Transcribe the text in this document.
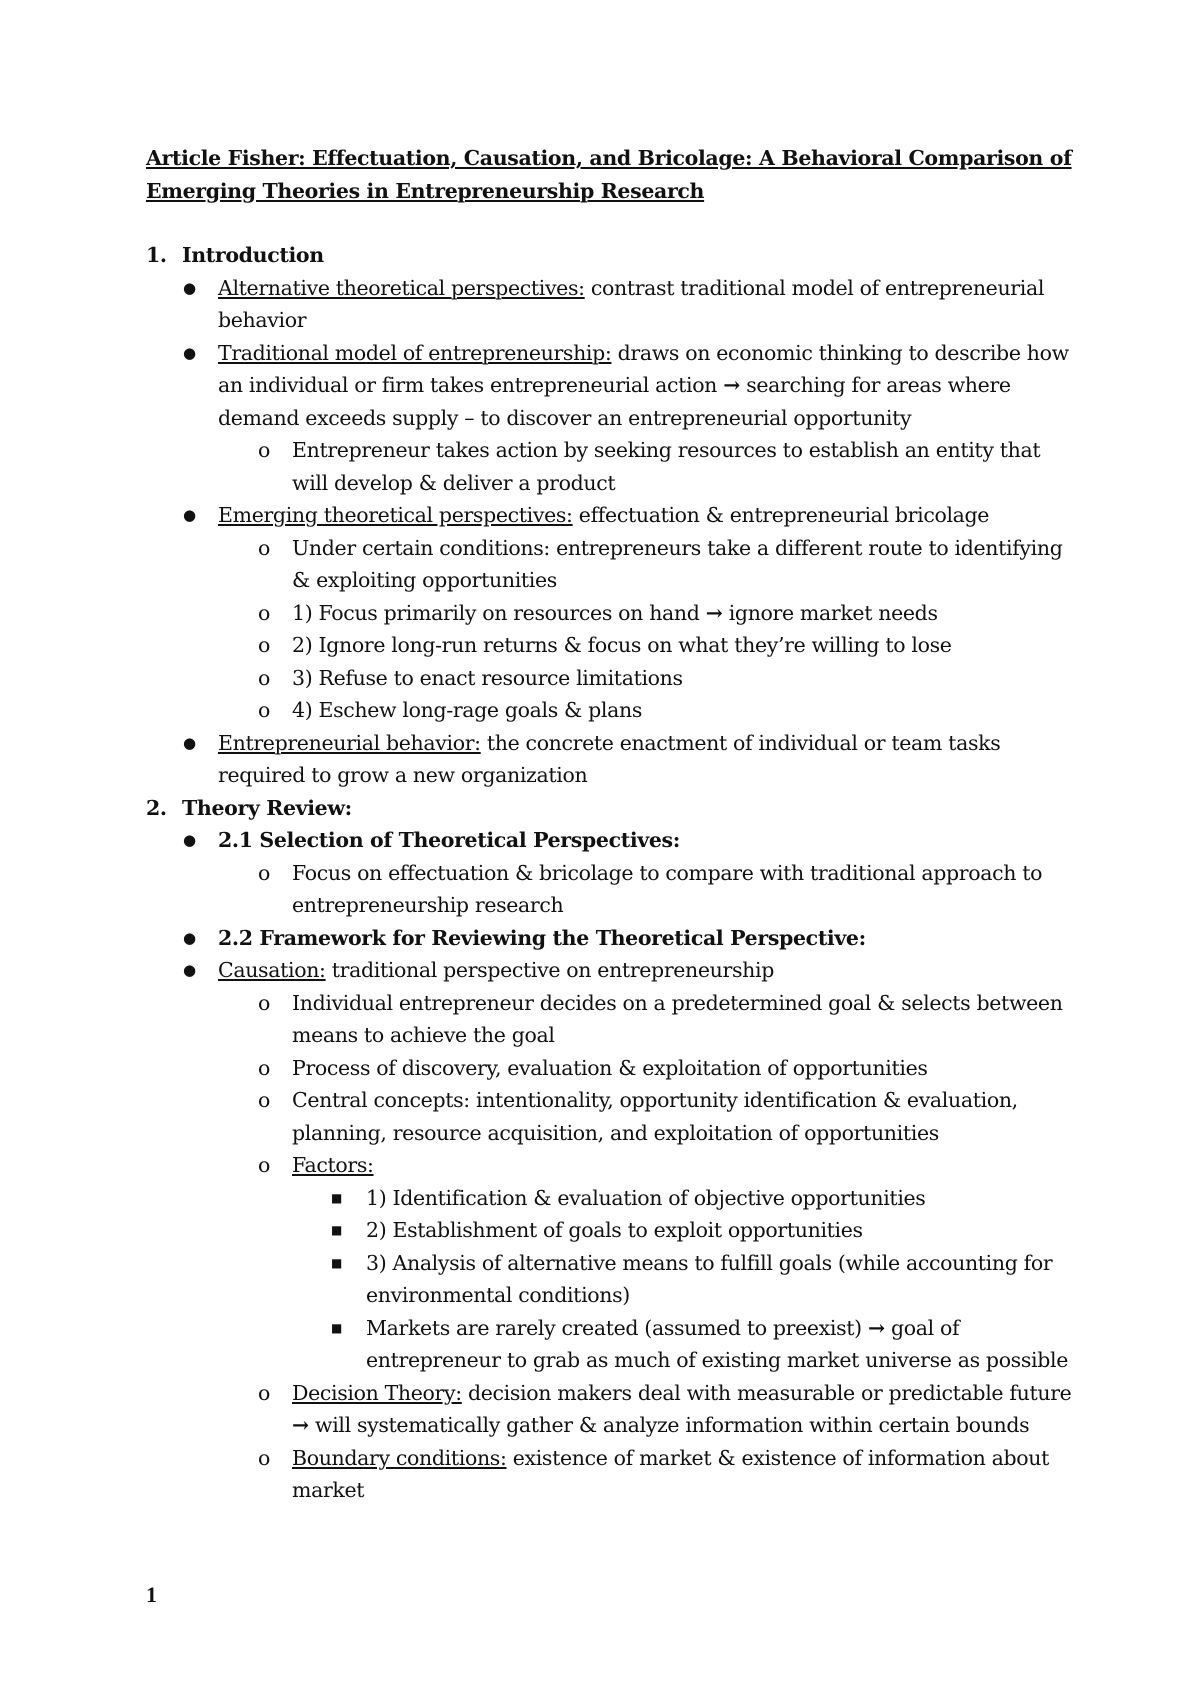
Article Fisher: Effectuation, Causation, and Bricolage: A Behavioral Comparison of Emerging Theories in Entrepreneurship Research
1. Introduction
● Alternative theoretical perspectives: contrast traditional model of entrepreneurial behavior
● Traditional model of entrepreneurship: draws on economic thinking to describe how an individual or firm takes entrepreneurial action → searching for areas where demand exceeds supply – to discover an entrepreneurial opportunity
o Entrepreneur takes action by seeking resources to establish an entity that will develop & deliver a product
● Emerging theoretical perspectives: effectuation & entrepreneurial bricolage
o Under certain conditions: entrepreneurs take a different route to identifying & exploiting opportunities
o 1) Focus primarily on resources on hand → ignore market needs
o 2) Ignore long-run returns & focus on what they’re willing to lose
o 3) Refuse to enact resource limitations
o 4) Eschew long-rage goals & plans
● Entrepreneurial behavior: the concrete enactment of individual or team tasks required to grow a new organization
2. Theory Review:
● 2.1 Selection of Theoretical Perspectives:
o Focus on effectuation & bricolage to compare with traditional approach to entrepreneurship research
● 2.2 Framework for Reviewing the Theoretical Perspective:
● Causation: traditional perspective on entrepreneurship
o Individual entrepreneur decides on a predetermined goal & selects between means to achieve the goal
o Process of discovery, evaluation & exploitation of opportunities
o Central concepts: intentionality, opportunity identification & evaluation, planning, resource acquisition, and exploitation of opportunities
o Factors:
■ 1) Identification & evaluation of objective opportunities
■ 2) Establishment of goals to exploit opportunities
■ 3) Analysis of alternative means to fulfill goals (while accounting for environmental conditions)
■ Markets are rarely created (assumed to preexist) → goal of entrepreneur to grab as much of existing market universe as possible
o Decision Theory: decision makers deal with measurable or predictable future → will systematically gather & analyze information within certain bounds
o Boundary conditions: existence of market & existence of information about market
1
